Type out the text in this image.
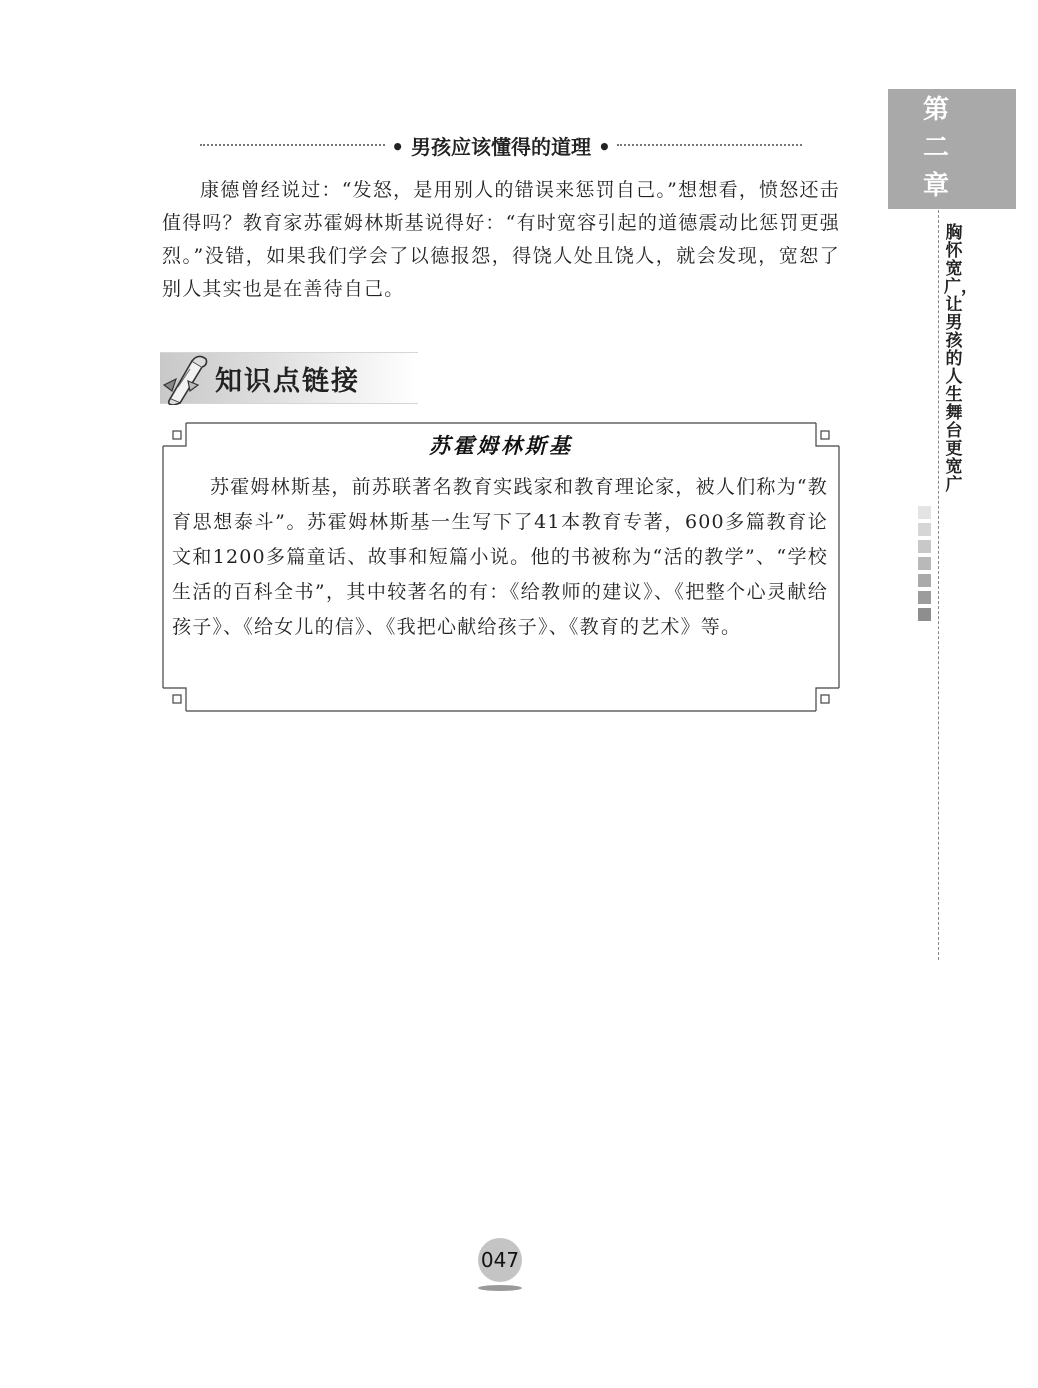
• 男孩应该懂得的道理 •

康德曾经说过：“发怒，是用别人的错误来惩罚自己。”想想看，愤怒还击值得吗？教育家苏霍姆林斯基说得好：“有时宽容引起的道德震动比惩罚更强烈。”没错，如果我们学会了以德报怨，得饶人处且饶人，就会发现，宽恕了别人其实也是在善待自己。

知识点链接
苏霍姆林斯基

苏霍姆林斯基，前苏联著名教育实践家和教育理论家，被人们称为“教育思想泰斗”。苏霍姆林斯基一生写下了41本教育专著，600多篇教育论文和1200多篇童话、故事和短篇小说。他的书被称为“活的教学”、“学校生活的百科全书”，其中较著名的有：《给教师的建议》、《把整个心灵献给孩子》、《给女儿的信》、《我把心献给孩子》、《教育的艺术》等。

第二章
胸怀宽广，让男孩的人生舞台更宽广
047
